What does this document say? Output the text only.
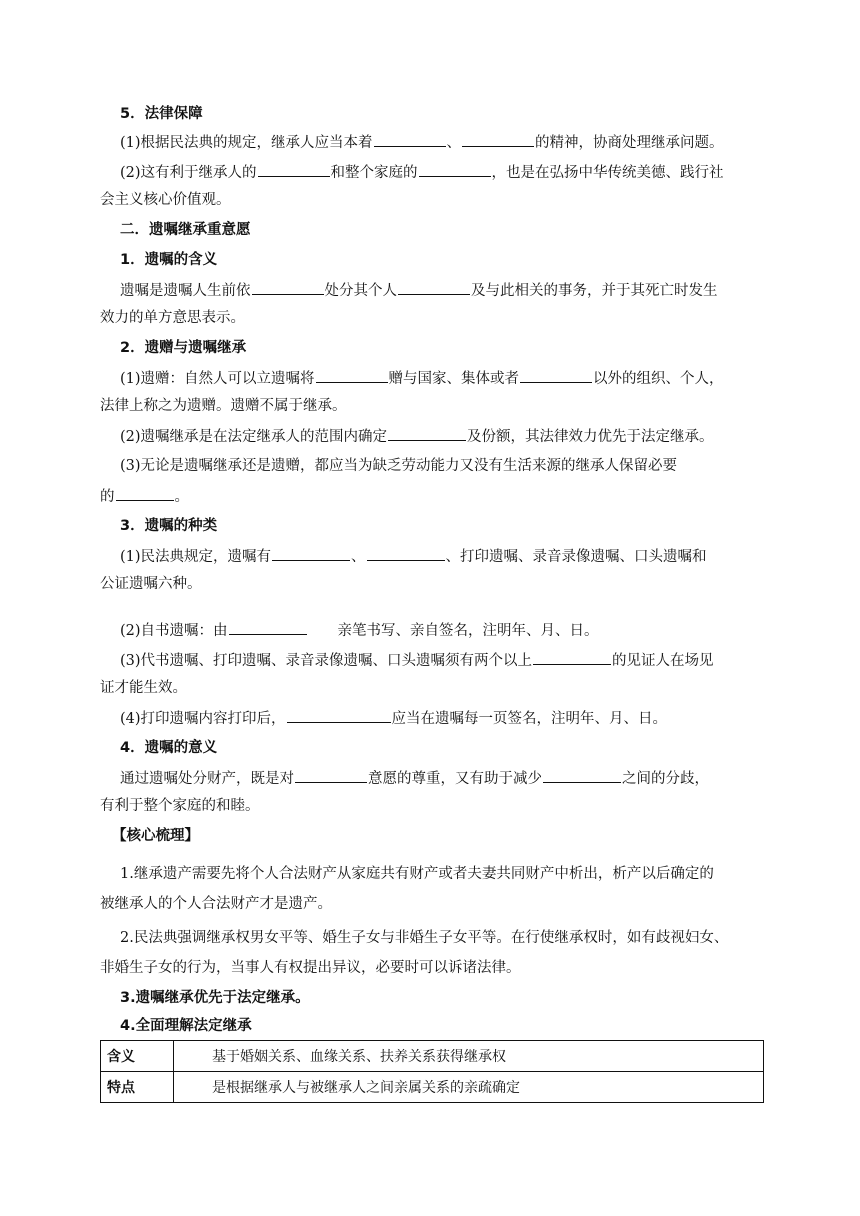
5．法律保障
(1)根据民法典的规定，继承人应当本着	、	的精神，协商处理继承问题。
(2)这有利于继承人的	和整个家庭的	，也是在弘扬中华传统美德、践行社
会主义核心价值观。
二．遗嘱继承重意愿
1．遗嘱的含义
遗嘱是遗嘱人生前依	处分其个人	及与此相关的事务，并于其死亡时发生
效力的单方意思表示。
2．遗赠与遗嘱继承
(1)遗赠：自然人可以立遗嘱将	赠与国家、集体或者	以外的组织、个人，
法律上称之为遗赠。遗赠不属于继承。
(2)遗嘱继承是在法定继承人的范围内确定	及份额，其法律效力优先于法定继承。
(3)无论是遗嘱继承还是遗赠，都应当为缺乏劳动能力又没有生活来源的继承人保留必要
的	。
3．遗嘱的种类
(1)民法典规定，遗嘱有	、	、打印遗嘱、录音录像遗嘱、口头遗嘱和
公证遗嘱六种。
(2)自书遗嘱：由	亲笔书写、亲自签名，注明年、月、日。
(3)代书遗嘱、打印遗嘱、录音录像遗嘱、口头遗嘱须有两个以上	的见证人在场见
证才能生效。
(4)打印遗嘱内容打印后，	应当在遗嘱每一页签名，注明年、月、日。
4．遗嘱的意义
通过遗嘱处分财产，既是对	意愿的尊重，又有助于减少	之间的分歧，
有利于整个家庭的和睦。
【核心梳理】
1.继承遗产需要先将个人合法财产从家庭共有财产或者夫妻共同财产中析出，析产以后确定的
被继承人的个人合法财产才是遗产。
2.民法典强调继承权男女平等、婚生子女与非婚生子女平等。在行使继承权时，如有歧视妇女、
非婚生子女的行为，当事人有权提出异议，必要时可以诉诸法律。
3.遗嘱继承优先于法定继承。
4.全面理解法定继承
含义	基于婚姻关系、血缘关系、扶养关系获得继承权
特点	是根据继承人与被继承人之间亲属关系的亲疏确定
